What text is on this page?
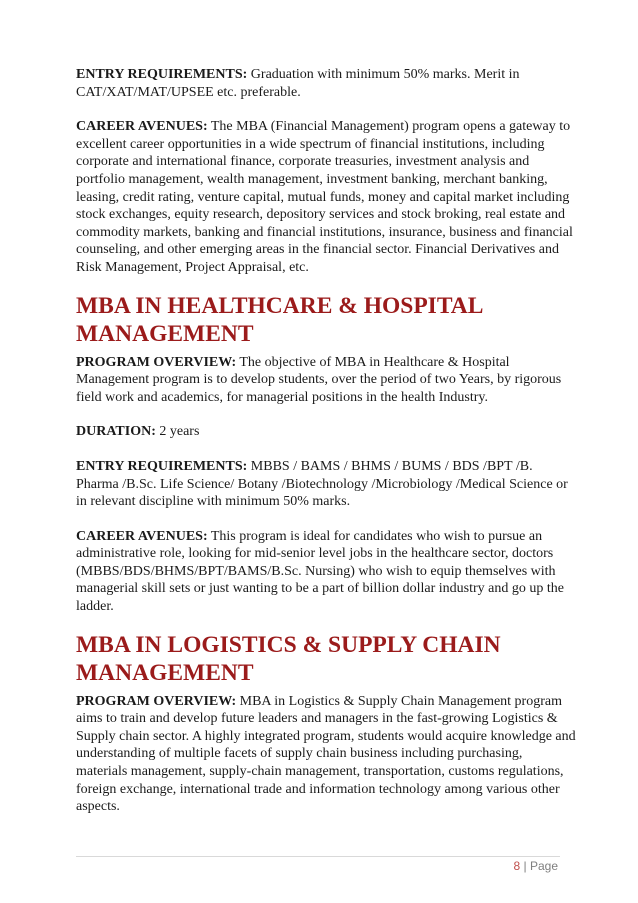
ENTRY REQUIREMENTS: Graduation with minimum 50% marks. Merit in CAT/XAT/MAT/UPSEE etc. preferable.

CAREER AVENUES: The MBA (Financial Management) program opens a gateway to excellent career opportunities in a wide spectrum of financial institutions, including corporate and international finance, corporate treasuries, investment analysis and portfolio management, wealth management, investment banking, merchant banking, leasing, credit rating, venture capital, mutual funds, money and capital market including stock exchanges, equity research, depository services and stock broking, real estate and commodity markets, banking and financial institutions, insurance, business and financial counseling, and other emerging areas in the financial sector. Financial Derivatives and Risk Management, Project Appraisal, etc.

MBA IN HEALTHCARE & HOSPITAL
MANAGEMENT

PROGRAM OVERVIEW: The objective of MBA in Healthcare & Hospital Management program is to develop students, over the period of two Years, by rigorous field work and academics, for managerial positions in the health Industry.

DURATION: 2 years

ENTRY REQUIREMENTS: MBBS / BAMS / BHMS / BUMS / BDS /BPT /B. Pharma /B.Sc. Life Science/ Botany /Biotechnology /Microbiology /Medical Science or in relevant discipline with minimum 50% marks.

CAREER AVENUES: This program is ideal for candidates who wish to pursue an administrative role, looking for mid-senior level jobs in the healthcare sector, doctors (MBBS/BDS/BHMS/BPT/BAMS/B.Sc. Nursing) who wish to equip themselves with managerial skill sets or just wanting to be a part of billion dollar industry and go up the ladder.

MBA IN LOGISTICS & SUPPLY CHAIN
MANAGEMENT

PROGRAM OVERVIEW: MBA in Logistics & Supply Chain Management program aims to train and develop future leaders and managers in the fast-growing Logistics & Supply chain sector. A highly integrated program, students would acquire knowledge and understanding of multiple facets of supply chain business including purchasing, materials management, supply-chain management, transportation, customs regulations, foreign exchange, international trade and information technology among various other aspects.

8 | Page
